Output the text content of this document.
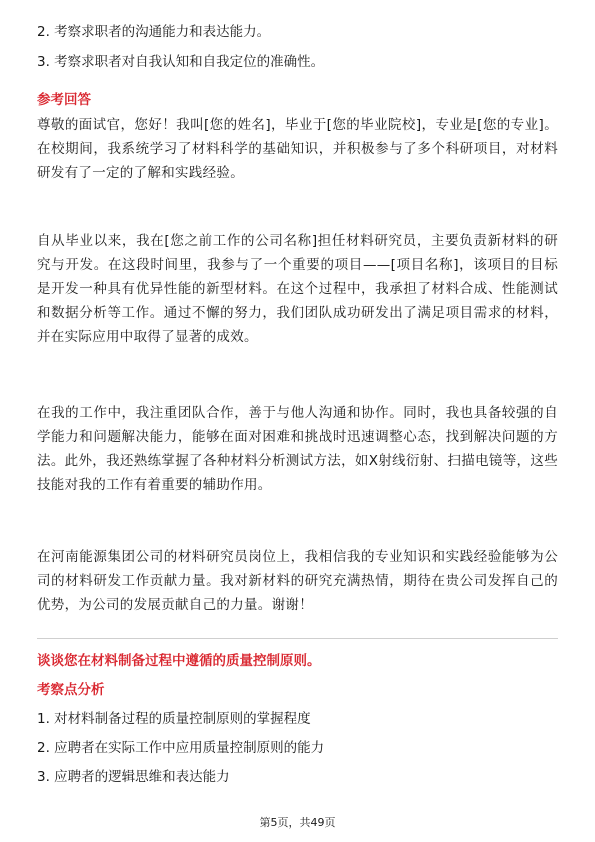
2. 考察求职者的沟通能力和表达能力。
3. 考察求职者对自我认知和自我定位的准确性。
参考回答
尊敬的面试官，您好！我叫[您的姓名]，毕业于[您的毕业院校]，专业是[您的专业]。在校期间，我系统学习了材料科学的基础知识，并积极参与了多个科研项目，对材料研发有了一定的了解和实践经验。
自从毕业以来，我在[您之前工作的公司名称]担任材料研究员，主要负责新材料的研究与开发。在这段时间里，我参与了一个重要的项目——[项目名称]，该项目的目标是开发一种具有优异性能的新型材料。在这个过程中，我承担了材料合成、性能测试和数据分析等工作。通过不懈的努力，我们团队成功研发出了满足项目需求的材料，并在实际应用中取得了显著的成效。
在我的工作中，我注重团队合作，善于与他人沟通和协作。同时，我也具备较强的自学能力和问题解决能力，能够在面对困难和挑战时迅速调整心态，找到解决问题的方法。此外，我还熟练掌握了各种材料分析测试方法，如X射线衍射、扫描电镜等，这些技能对我的工作有着重要的辅助作用。
在河南能源集团公司的材料研究员岗位上，我相信我的专业知识和实践经验能够为公司的材料研发工作贡献力量。我对新材料的研究充满热情，期待在贵公司发挥自己的优势，为公司的发展贡献自己的力量。谢谢！
谈谈您在材料制备过程中遵循的质量控制原则。
考察点分析
1. 对材料制备过程的质量控制原则的掌握程度
2. 应聘者在实际工作中应用质量控制原则的能力
3. 应聘者的逻辑思维和表达能力
第5页，共49页
